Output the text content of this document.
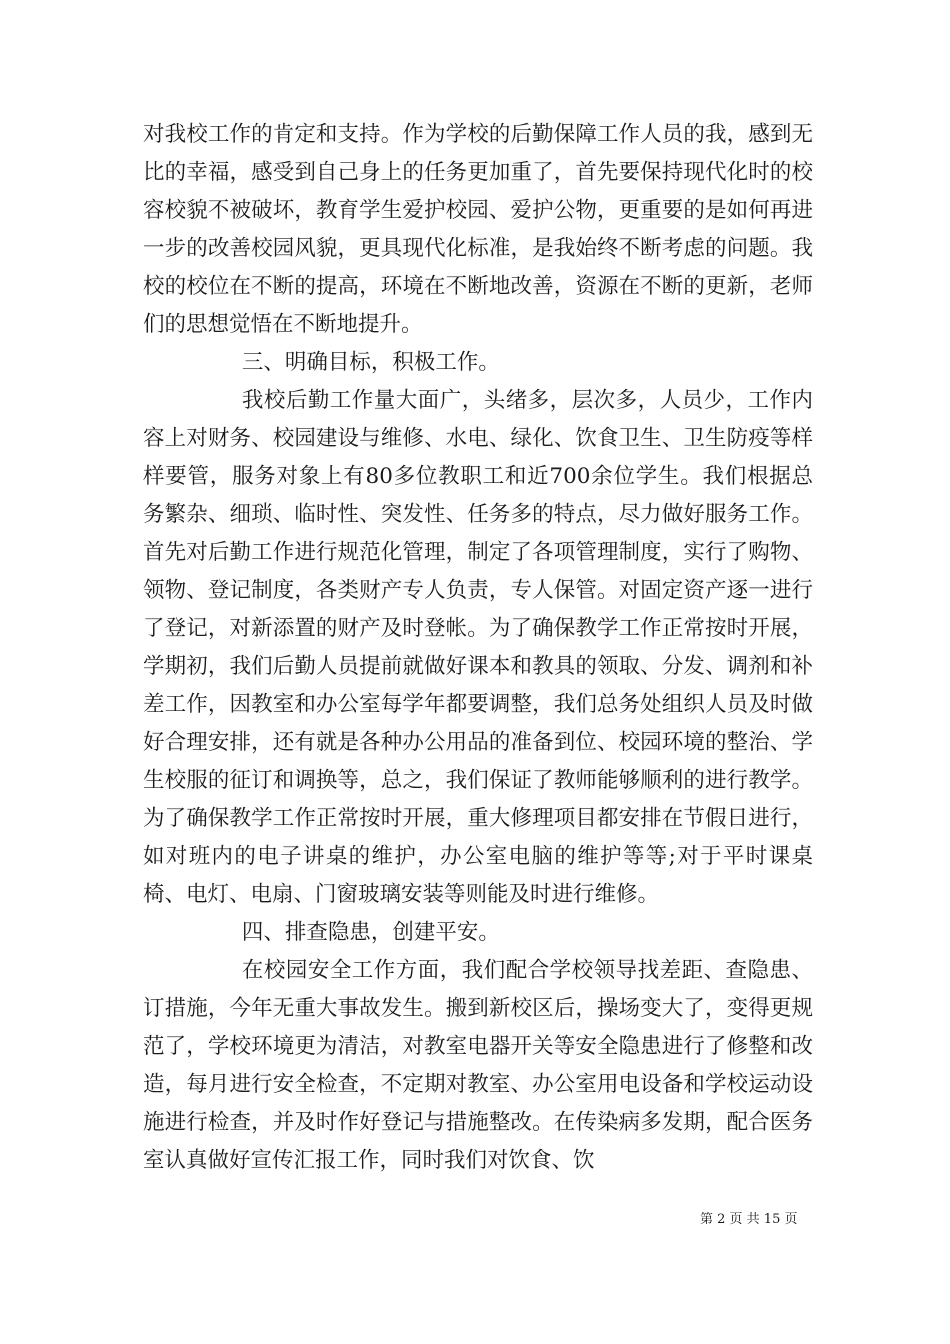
对我校工作的肯定和支持。作为学校的后勤保障工作人员的我，感到无比的幸福，感受到自己身上的任务更加重了，首先要保持现代化时的校容校貌不被破坏，教育学生爱护校园、爱护公物，更重要的是如何再进一步的改善校园风貌，更具现代化标准，是我始终不断考虑的问题。我校的校位在不断的提高，环境在不断地改善，资源在不断的更新，老师们的思想觉悟在不断地提升。

三、明确目标，积极工作。

我校后勤工作量大面广，头绪多，层次多，人员少，工作内容上对财务、校园建设与维修、水电、绿化、饮食卫生、卫生防疫等样样要管，服务对象上有80多位教职工和近700余位学生。我们根据总务繁杂、细琐、临时性、突发性、任务多的特点，尽力做好服务工作。首先对后勤工作进行规范化管理，制定了各项管理制度，实行了购物、领物、登记制度，各类财产专人负责，专人保管。对固定资产逐一进行了登记，对新添置的财产及时登帐。为了确保教学工作正常按时开展，学期初，我们后勤人员提前就做好课本和教具的领取、分发、调剂和补差工作，因教室和办公室每学年都要调整，我们总务处组织人员及时做好合理安排，还有就是各种办公用品的准备到位、校园环境的整治、学生校服的征订和调换等，总之，我们保证了教师能够顺利的进行教学。为了确保教学工作正常按时开展，重大修理项目都安排在节假日进行，如对班内的电子讲桌的维护，办公室电脑的维护等等;对于平时课桌椅、电灯、电扇、门窗玻璃安装等则能及时进行维修。

四、排查隐患，创建平安。

在校园安全工作方面，我们配合学校领导找差距、查隐患、订措施，今年无重大事故发生。搬到新校区后，操场变大了，变得更规范了，学校环境更为清洁，对教室电器开关等安全隐患进行了修整和改造，每月进行安全检查，不定期对教室、办公室用电设备和学校运动设施进行检查，并及时作好登记与措施整改。在传染病多发期，配合医务室认真做好宣传汇报工作，同时我们对饮食、饮

第 2 页 共 15 页
